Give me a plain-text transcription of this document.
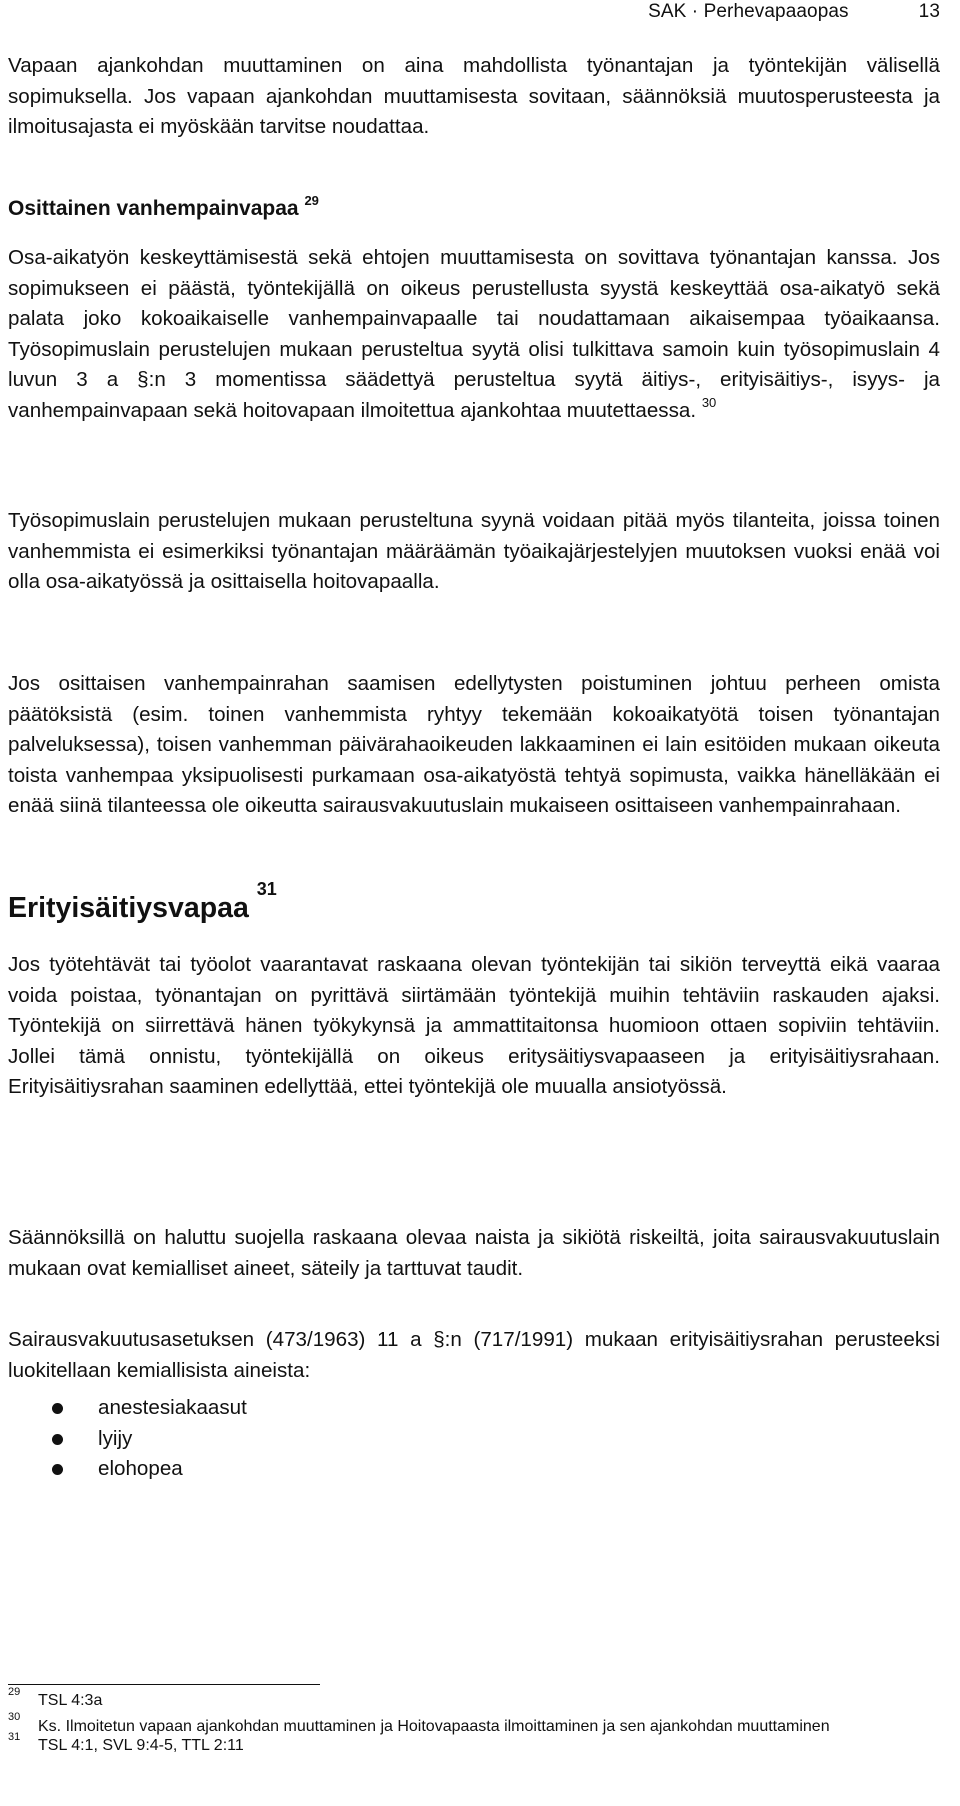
SAK · Perhevapaaopas	13

Vapaan ajankohdan muuttaminen on aina mahdollista työnantajan ja työntekijän välisellä sopimuksella. Jos vapaan ajankohdan muuttamisesta sovitaan, säännöksiä muutosperusteesta ja ilmoitusajasta ei myöskään tarvitse noudattaa.

Osittainen vanhempainvapaa $^{29}$

Osa-aikatyön keskeyttämisestä sekä ehtojen muuttamisesta on sovittava työnantajan kanssa. Jos sopimukseen ei päästä, työntekijällä on oikeus perustellusta syystä keskeyttää osa-aikatyö sekä palata joko kokoaikaiselle vanhempainvapaalle tai noudattamaan aikaisempaa työaikaansa. Työsopimuslain perustelujen mukaan perusteltua syytä olisi tulkittava samoin kuin työsopimuslain 4 luvun 3 a §:n 3 momentissa säädettyä perusteltua syytä äitiys-, erityisäitiys-, isyys- ja vanhempainvapaan sekä hoitovapaan ilmoitettua ajankohtaa muutettaessa. $^{30}$

Työsopimuslain perustelujen mukaan perusteltuna syynä voidaan pitää myös tilanteita, joissa toinen vanhemmista ei esimerkiksi työnantajan määräämän työaikajärjestelyjen muutoksen vuoksi enää voi olla osa-aikatyössä ja osittaisella hoitovapaalla.

Jos osittaisen vanhempainrahan saamisen edellytysten poistuminen johtuu perheen omista päätöksistä (esim. toinen vanhemmista ryhtyy tekemään kokoaikatyötä toisen työnantajan palveluksessa), toisen vanhemman päivärahaoikeuden lakkaaminen ei lain esitöiden mukaan oikeuta toista vanhempaa yksipuolisesti purkamaan osa-aikatyöstä tehtyä sopimusta, vaikka hänelläkään ei enää siinä tilanteessa ole oikeutta sairausvakuutuslain mukaiseen osittaiseen vanhempainrahaan.

Erityisäitiysvapaa $^{31}$

Jos työtehtävät tai työolot vaarantavat raskaana olevan työntekijän tai sikiön terveyttä eikä vaaraa voida poistaa, työnantajan on pyrittävä siirtämään työntekijä muihin tehtäviin raskauden ajaksi. Työntekijä on siirrettävä hänen työkykynsä ja ammattitaitonsa huomioon ottaen sopiviin tehtäviin. Jollei tämä onnistu, työntekijällä on oikeus eritysäitiysvapaaseen ja erityisäitiysrahaan. Erityisäitiysrahan saaminen edellyttää, ettei työntekijä ole muualla ansiotyössä.

Säännöksillä on haluttu suojella raskaana olevaa naista ja sikiötä riskeiltä, joita sairausvakuutuslain mukaan ovat kemialliset aineet, säteily ja tarttuvat taudit.

Sairausvakuutusasetuksen (473/1963) 11 a §:n (717/1991) mukaan erityisäitiysrahan perusteeksi luokitellaan kemiallisista aineista:

anestesiakaasut
lyijy
elohopea
$^{29}$TSL 4:3a
$^{30}$Ks. Ilmoitetun vapaan ajankohdan muuttaminen ja Hoitovapaasta ilmoittaminen ja sen ajankohdan muuttaminen
$^{31}$TSL 4:1, SVL 9:4-5, TTL 2:11
